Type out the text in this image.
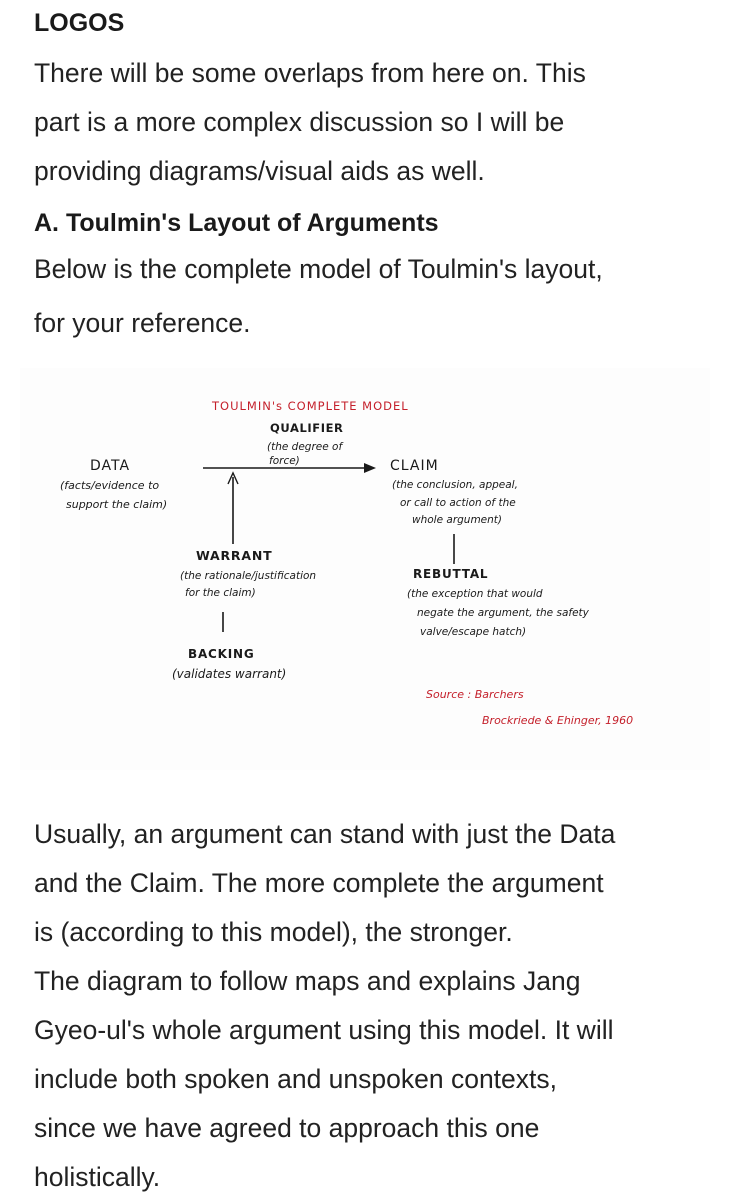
LOGOS

There will be some overlaps from here on. This

part is a more complex discussion so I will be

providing diagrams/visual aids as well.

A. Toulmin's Layout of Arguments

Below is the complete model of Toulmin's layout,

for your reference.

TOULMIN's COMPLETE MODEL
QUALIFIER
(the degree of
force)
DATA
(facts/evidence to
support the claim)
CLAIM
(the conclusion, appeal,
or call to action of the
whole argument)
WARRANT
(the rationale/justification
for the claim)
REBUTTAL
(the exception that would
negate the argument, the safety
valve/escape hatch)
BACKING
(validates warrant)
Source : Barchers
Brockriede & Ehinger, 1960

Usually, an argument can stand with just the Data

and the Claim. The more complete the argument

is (according to this model), the stronger.

The diagram to follow maps and explains Jang

Gyeo-ul's whole argument using this model. It will

include both spoken and unspoken contexts,

since we have agreed to approach this one

holistically.
